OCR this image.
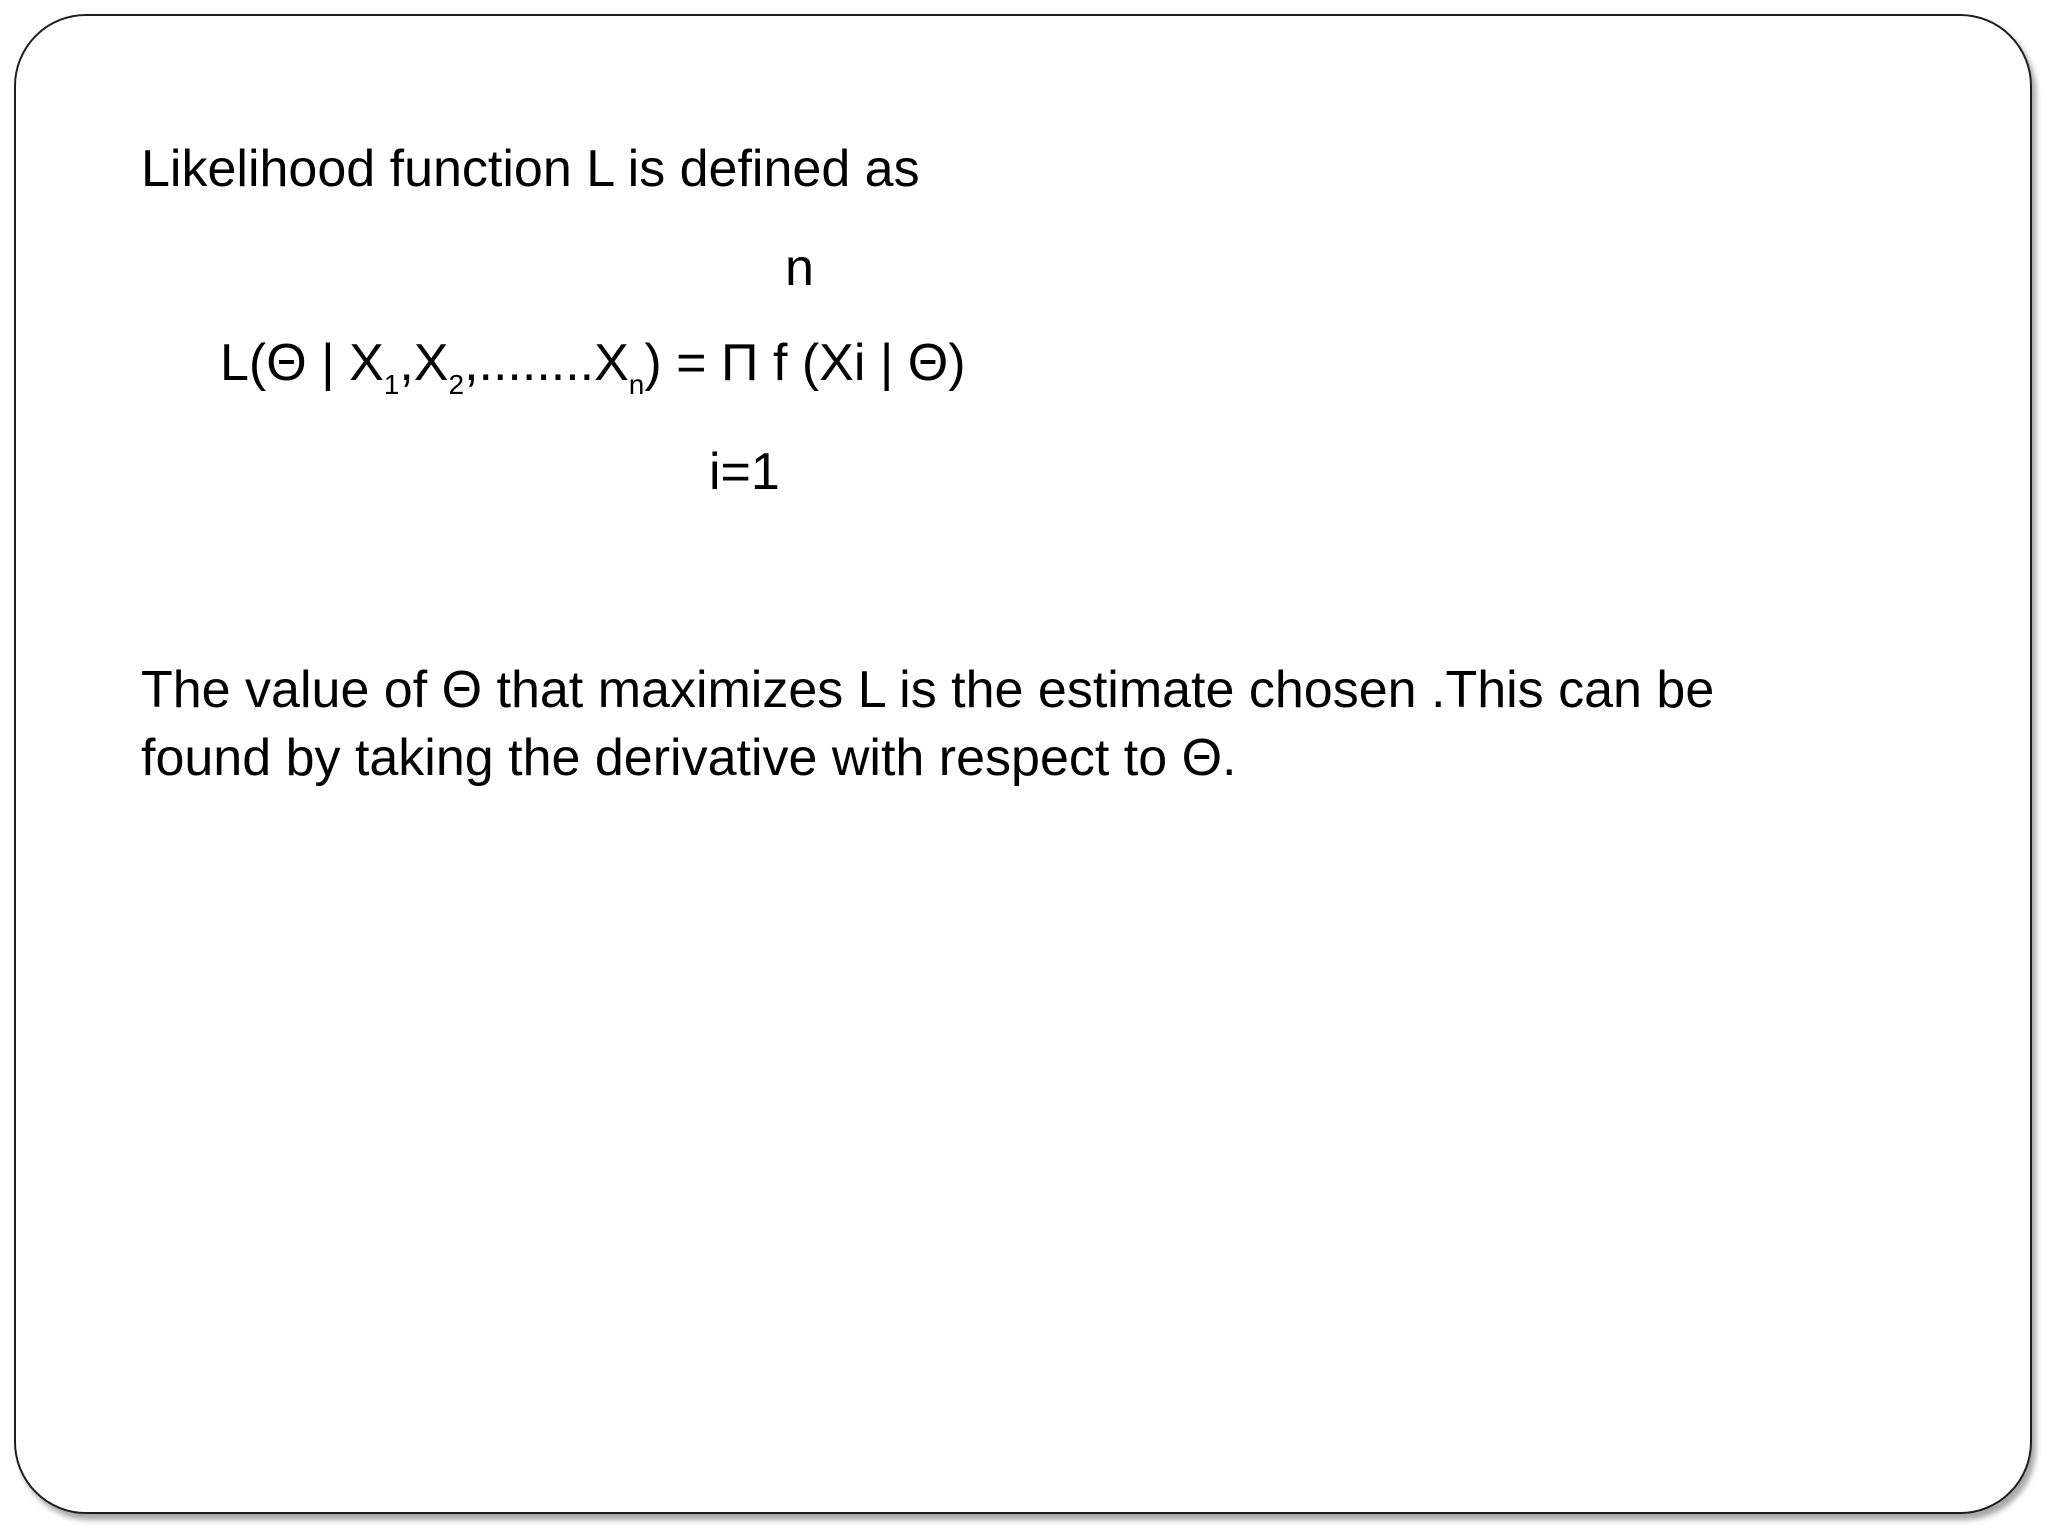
Likelihood function L is defined as
n
L(Θ | $X_1,X_2,........X_n) = \Pi$ f (Xi | Θ)
i=1
The value of Θ that maximizes L is the estimate chosen .This can be
found by taking the derivative with respect to Θ.
